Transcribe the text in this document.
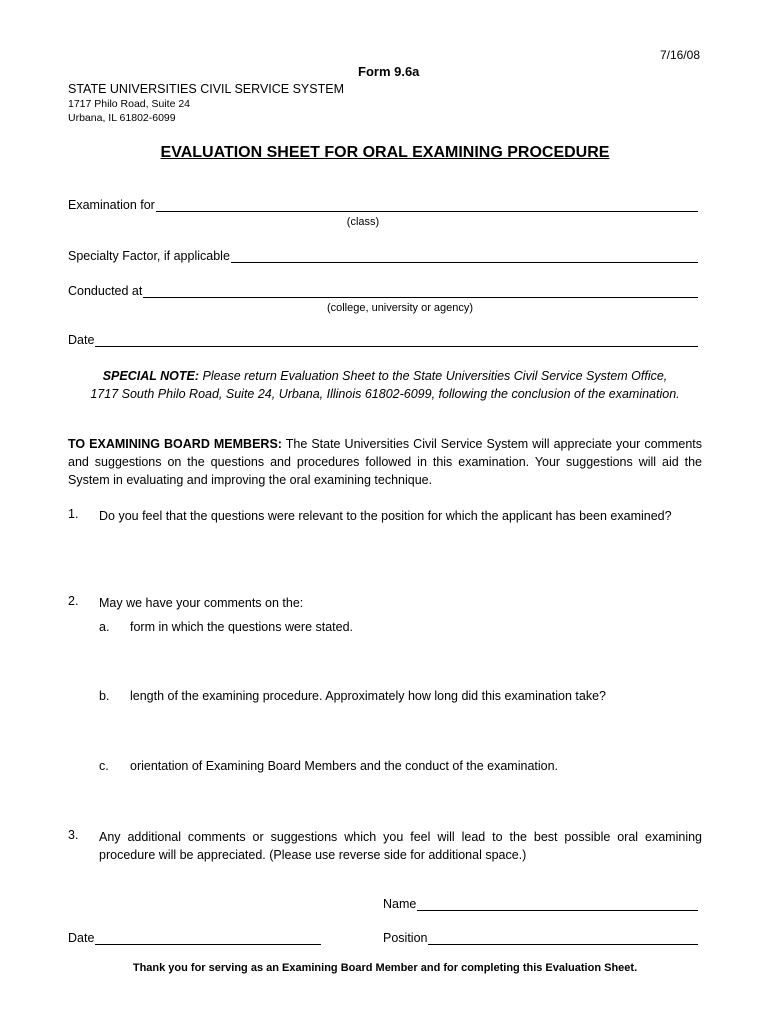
7/16/08
Form 9.6a
STATE UNIVERSITIES CIVIL SERVICE SYSTEM
1717 Philo Road, Suite 24
Urbana, IL 61802-6099
EVALUATION SHEET FOR ORAL EXAMINING PROCEDURE
Examination for
(class)
Specialty Factor, if applicable
Conducted at
(college, university or agency)
Date
SPECIAL NOTE: Please return Evaluation Sheet to the State Universities Civil Service System Office,
1717 South Philo Road, Suite 24, Urbana, Illinois 61802-6099, following the conclusion of the examination.
TO EXAMINING BOARD MEMBERS: The State Universities Civil Service System will appreciate your comments and suggestions on the questions and procedures followed in this examination. Your suggestions will aid the System in evaluating and improving the oral examining technique.
1. Do you feel that the questions were relevant to the position for which the applicant has been examined?
2. May we have your comments on the:
a. form in which the questions were stated.
b. length of the examining procedure. Approximately how long did this examination take?
c. orientation of Examining Board Members and the conduct of the examination.
3. Any additional comments or suggestions which you feel will lead to the best possible oral examining procedure will be appreciated. (Please use reverse side for additional space.)
Name
Date	Position
Thank you for serving as an Examining Board Member and for completing this Evaluation Sheet.
